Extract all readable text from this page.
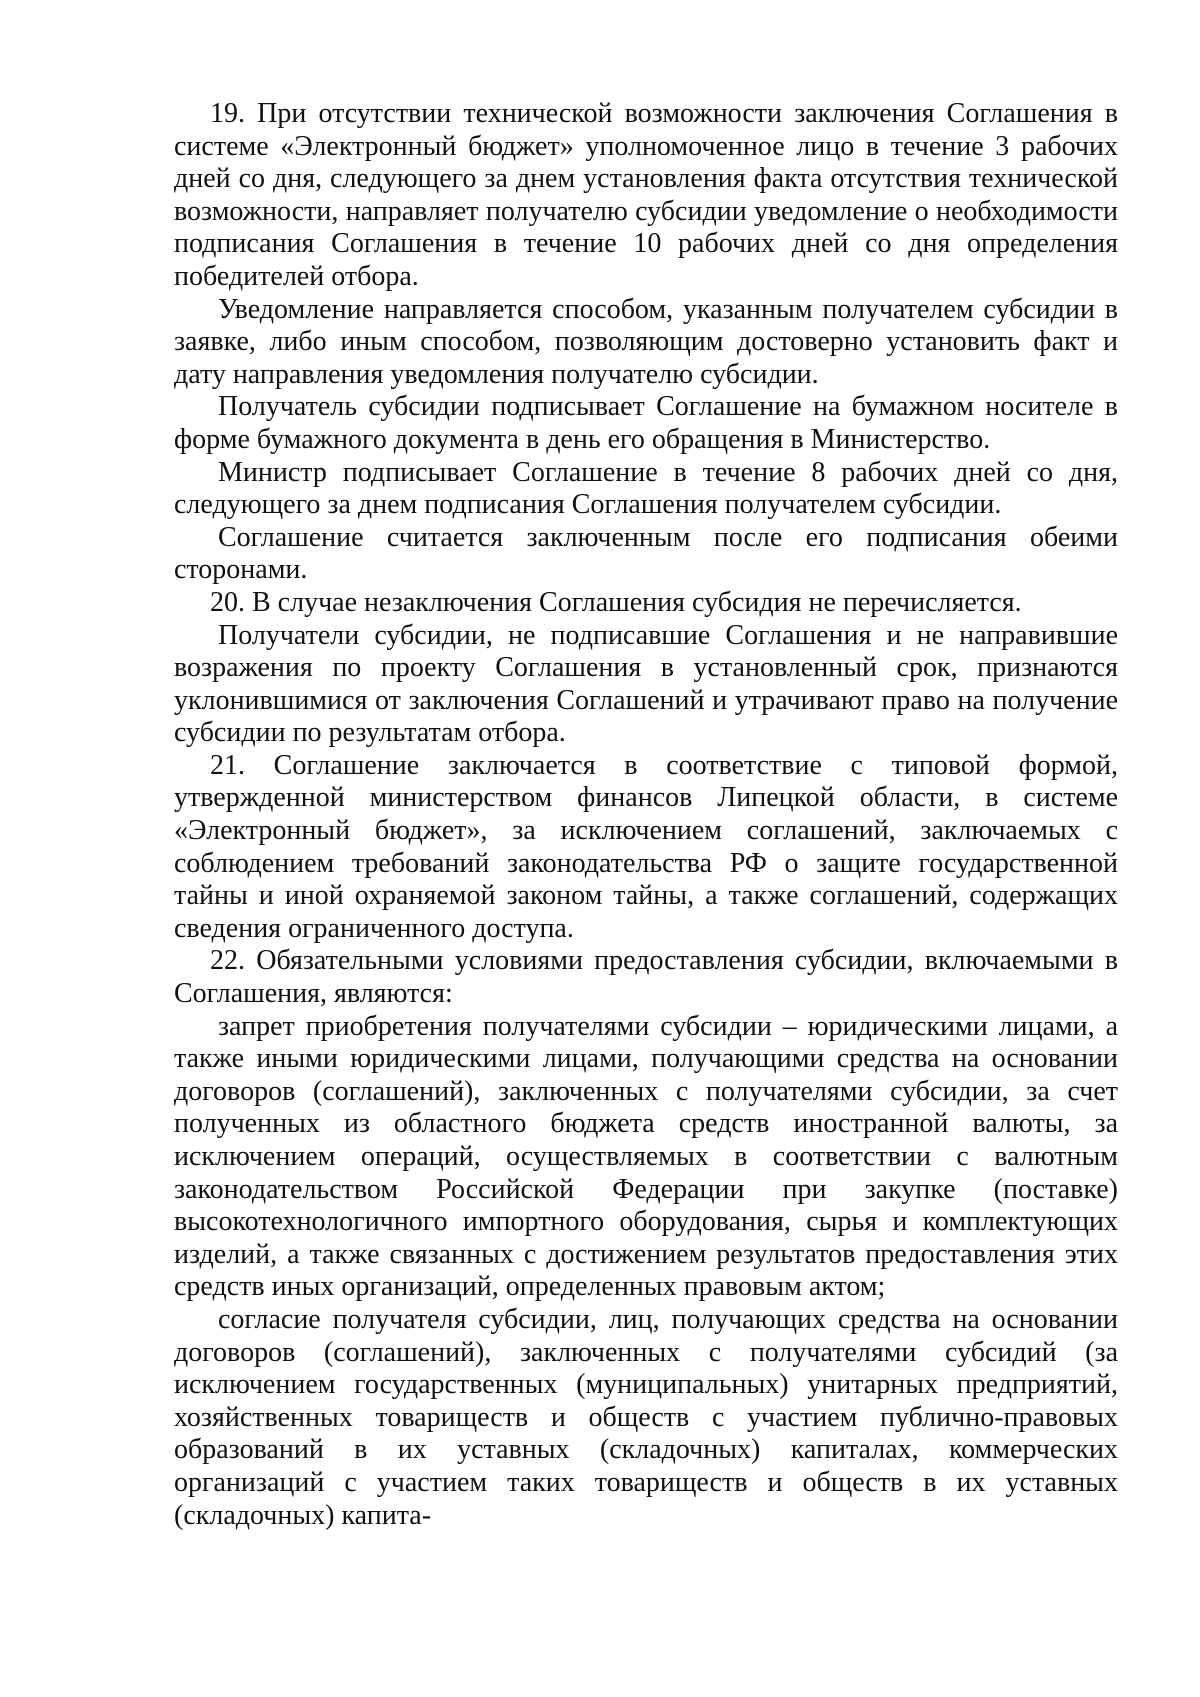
19. При отсутствии технической возможности заключения Соглашения в системе «Электронный бюджет» уполномоченное лицо в течение 3 рабочих дней со дня, следующего за днем установления факта отсутствия технической возможности, направляет получателю субсидии уведомление о необходимости подписания Соглашения в течение 10 рабочих дней со дня определения победителей отбора.

Уведомление направляется способом, указанным получателем субсидии в заявке, либо иным способом, позволяющим достоверно установить факт и дату направления уведомления получателю субсидии.

Получатель субсидии подписывает Соглашение на бумажном носителе в форме бумажного документа в день его обращения в Министерство.

Министр подписывает Соглашение в течение 8 рабочих дней со дня, следующего за днем подписания Соглашения получателем субсидии.

Соглашение считается заключенным после его подписания обеими сторонами.

20. В случае незаключения Соглашения субсидия не перечисляется.

Получатели субсидии, не подписавшие Соглашения и не направившие возражения по проекту Соглашения в установленный срок, признаются уклонившимися от заключения Соглашений и утрачивают право на получение субсидии по результатам отбора.

21. Соглашение заключается в соответствие с типовой формой, утвержденной министерством финансов Липецкой области, в системе «Электронный бюджет», за исключением соглашений, заключаемых с соблюдением требований законодательства РФ о защите государственной тайны и иной охраняемой законом тайны, а также соглашений, содержащих сведения ограниченного доступа.

22. Обязательными условиями предоставления субсидии, включаемыми в Соглашения, являются:

запрет приобретения получателями субсидии – юридическими лицами, а также иными юридическими лицами, получающими средства на основании договоров (соглашений), заключенных с получателями субсидии, за счет полученных из областного бюджета средств иностранной валюты, за исключением операций, осуществляемых в соответствии с валютным законодательством Российской Федерации при закупке (поставке) высокотехнологичного импортного оборудования, сырья и комплектующих изделий, а также связанных с достижением результатов предоставления этих средств иных организаций, определенных правовым актом;

согласие получателя субсидии, лиц, получающих средства на основании договоров (соглашений), заключенных с получателями субсидий (за исключением государственных (муниципальных) унитарных предприятий, хозяйственных товариществ и обществ с участием публично-правовых образований в их уставных (складочных) капиталах, коммерческих организаций с участием таких товариществ и обществ в их уставных (складочных) капита-
